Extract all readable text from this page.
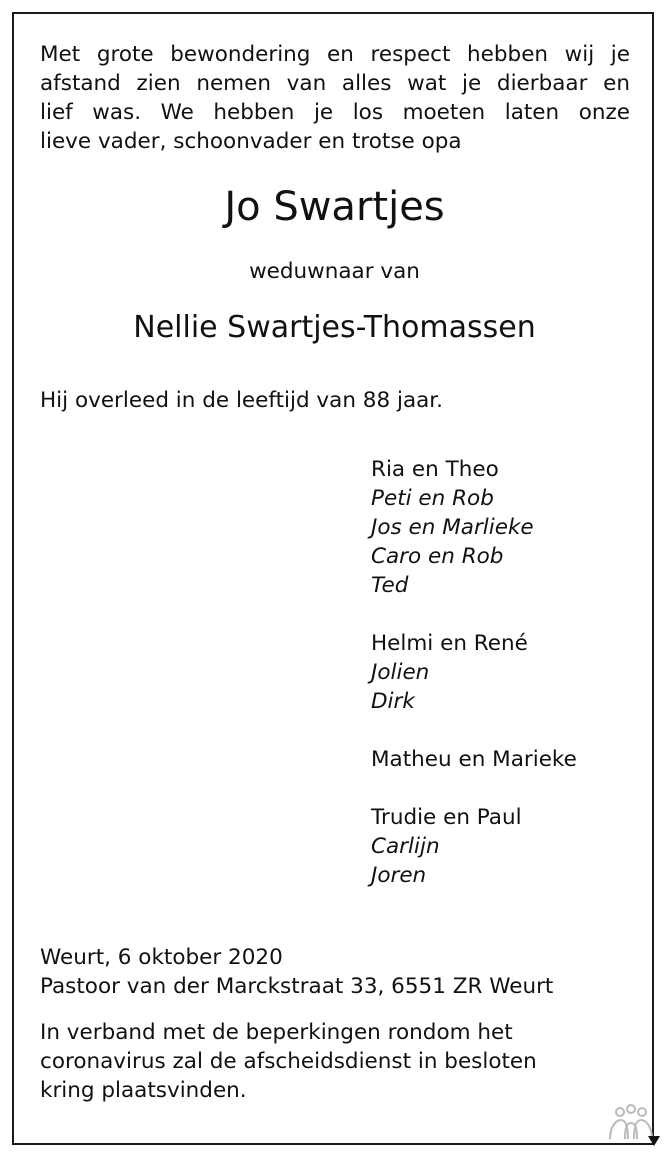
Met grote bewondering en respect hebben wij je
afstand zien nemen van alles wat je dierbaar en
lief was. We hebben je los moeten laten onze
lieve vader, schoonvader en trotse opa
Jo Swartjes
weduwnaar van
Nellie Swartjes-Thomassen
Hij overleed in de leeftijd van 88 jaar.
Ria en Theo
Peti en Rob
Jos en Marlieke
Caro en Rob
Ted
Helmi en René
Jolien
Dirk
Matheu en Marieke
Trudie en Paul
Carlijn
Joren
Weurt, 6 oktober 2020
Pastoor van der Marckstraat 33, 6551 ZR Weurt
In verband met de beperkingen rondom het
coronavirus zal de afscheidsdienst in besloten
kring plaatsvinden.
